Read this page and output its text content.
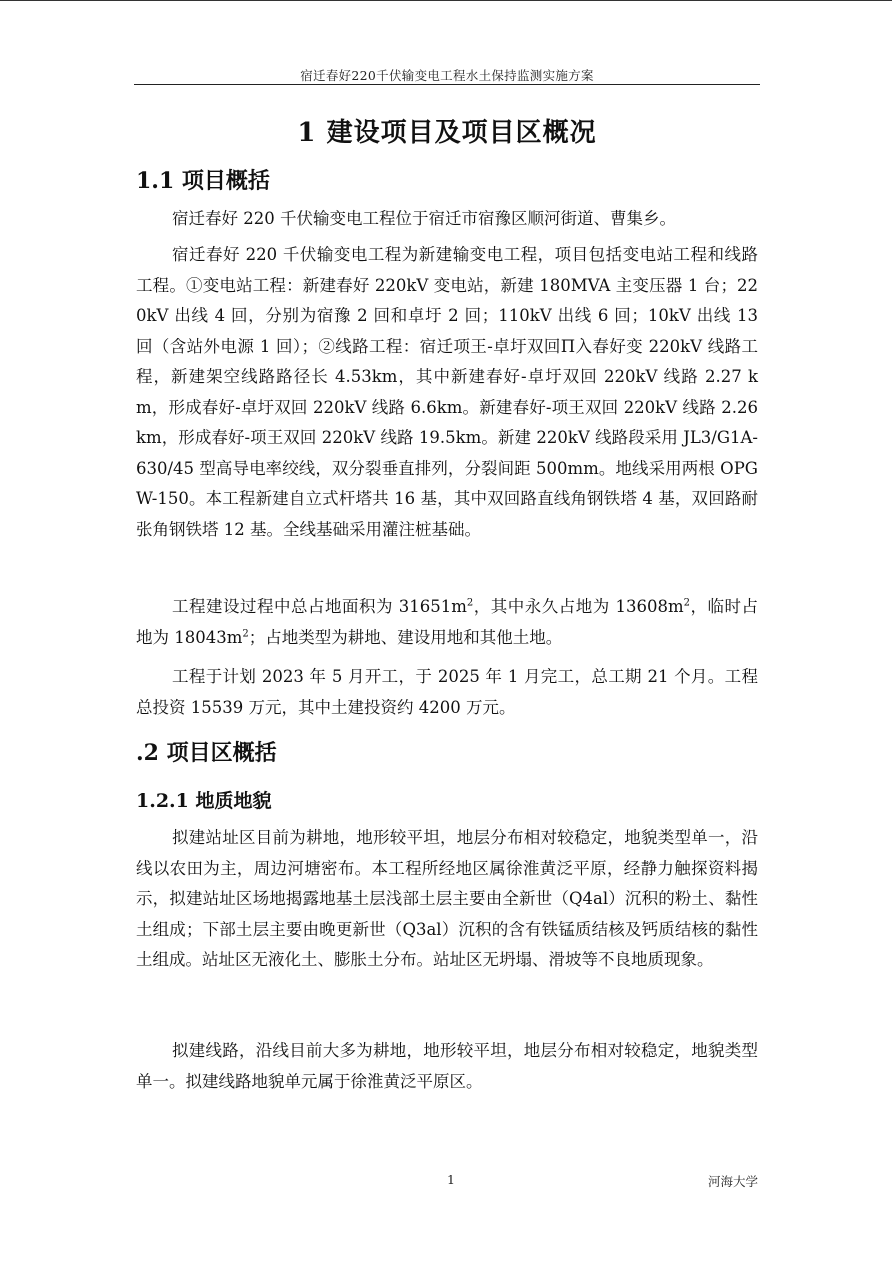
宿迁春好220千伏输变电工程水土保持监测实施方案
1 建设项目及项目区概况
1.1 项目概括

宿迁春好 220 千伏输变电工程位于宿迁市宿豫区顺河街道、曹集乡。

宿迁春好 220 千伏输变电工程为新建输变电工程，项目包括变电站工程和线路工程。①变电站工程：新建春好 220kV 变电站，新建 180MVA 主变压器 1 台；220kV 出线 4 回，分别为宿豫 2 回和卓圩 2 回；110kV 出线 6 回；10kV 出线 13 回（含站外电源 1 回）；②线路工程：宿迁项王-卓圩双回Π入春好变 220kV 线路工程，新建架空线路路径长 4.53km，其中新建春好-卓圩双回 220kV 线路 2.27 km，形成春好-卓圩双回 220kV 线路 6.6km。新建春好-项王双回 220kV 线路 2.26km，形成春好-项王双回 220kV 线路 19.5km。新建 220kV 线路段采用 JL3/G1A-630/45 型高导电率绞线，双分裂垂直排列，分裂间距 500mm。地线采用两根 OPGW-150。本工程新建自立式杆塔共 16 基，其中双回路直线角钢铁塔 4 基，双回路耐张角钢铁塔 12 基。全线基础采用灌注桩基础。

工程建设过程中总占地面积为 $31651m^2$，其中永久占地为 $13608m^2$，临时占地为 $18043m^2$；占地类型为耕地、建设用地和其他土地。

工程于计划 2023 年 5 月开工，于 2025 年 1 月完工，总工期 21 个月。工程总投资 15539 万元，其中土建投资约 4200 万元。

.2 项目区概括
1.2.1 地质地貌

拟建站址区目前为耕地，地形较平坦，地层分布相对较稳定，地貌类型单一，沿线以农田为主，周边河塘密布。本工程所经地区属徐淮黄泛平原，经静力触探资料揭示，拟建站址区场地揭露地基土层浅部土层主要由全新世（Q4al）沉积的粉土、黏性土组成；下部土层主要由晚更新世（Q3al）沉积的含有铁锰质结核及钙质结核的黏性土组成。站址区无液化土、膨胀土分布。站址区无坍塌、滑坡等不良地质现象。

拟建线路，沿线目前大多为耕地，地形较平坦，地层分布相对较稳定，地貌类型单一。拟建线路地貌单元属于徐淮黄泛平原区。

1	河海大学
